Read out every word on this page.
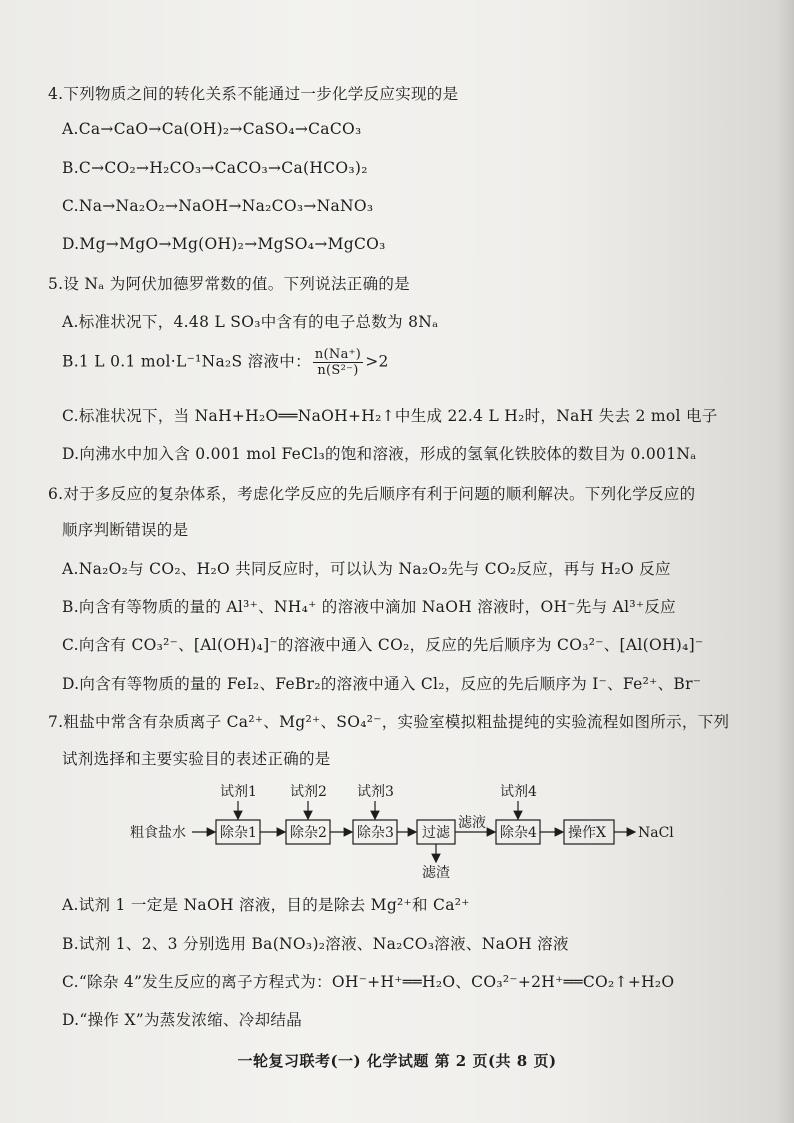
4.下列物质之间的转化关系不能通过一步化学反应实现的是
A.Ca→CaO→Ca(OH)₂→CaSO₄→CaCO₃
B.C→CO₂→H₂CO₃→CaCO₃→Ca(HCO₃)₂
C.Na→Na₂O₂→NaOH→Na₂CO₃→NaNO₃
D.Mg→MgO→Mg(OH)₂→MgSO₄→MgCO₃
5.设 Nₐ 为阿伏加德罗常数的值。下列说法正确的是
A.标准状况下，4.48 L SO₃中含有的电子总数为 8Nₐ
B.1 L 0.1 mol·L⁻¹Na₂S 溶液中： $\frac{n(Na^+)}{\text{n(S²⁻)}} >2$
C.标准状况下，当 NaH+H₂O══NaOH+H₂↑中生成 22.4 L H₂时，NaH 失去 2 mol 电子
D.向沸水中加入含 0.001 mol FeCl₃的饱和溶液，形成的氢氧化铁胶体的数目为 0.001Nₐ
6.对于多反应的复杂体系，考虑化学反应的先后顺序有利于问题的顺利解决。下列化学反应的
顺序判断错误的是
A.Na₂O₂与 CO₂、H₂O 共同反应时，可以认为 Na₂O₂先与 CO₂反应，再与 H₂O 反应
B.向含有等物质的量的 Al³⁺、NH₄⁺ 的溶液中滴加 NaOH 溶液时，OH⁻先与 Al³⁺反应
C.向含有 CO₃²⁻、[Al(OH)₄]⁻的溶液中通入 CO₂，反应的先后顺序为 CO₃²⁻、[Al(OH)₄]⁻
D.向含有等物质的量的 FeI₂、FeBr₂的溶液中通入 Cl₂，反应的先后顺序为 I⁻、Fe²⁺、Br⁻
7.粗盐中常含有杂质离子 Ca²⁺、Mg²⁺、SO₄²⁻，实验室模拟粗盐提纯的实验流程如图所示，下列
试剂选择和主要实验目的表述正确的是
粗食盐水 除杂1 除杂2 除杂3 过滤
滤液
滤渣
除杂4 操作X NaCl
试剂1 试剂2 试剂3	试剂4
A.试剂 1 一定是 NaOH 溶液，目的是除去 Mg²⁺和 Ca²⁺
B.试剂 1、2、3 分别选用 Ba(NO₃)₂溶液、Na₂CO₃溶液、NaOH 溶液
C.“除杂 4”发生反应的离子方程式为：OH⁻+H⁺══H₂O、CO₃²⁻+2H⁺══CO₂↑+H₂O
D.“操作 X”为蒸发浓缩、冷却结晶
一轮复习联考(一) 化学试题 第 2 页(共 8 页)
